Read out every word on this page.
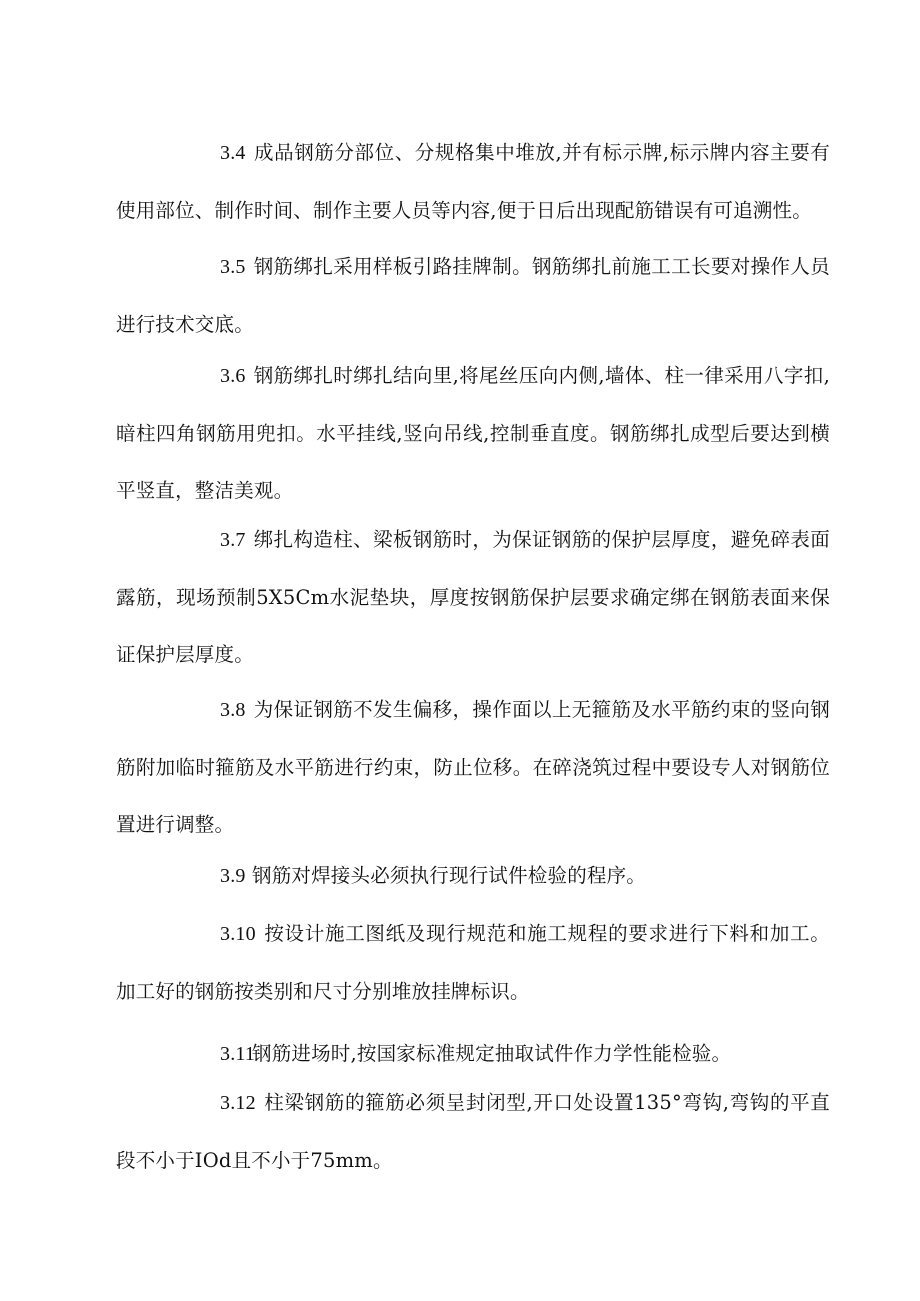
3.4 成品钢筋分部位、分规格集中堆放,并有标示牌,标示牌内容主要有使用部位、制作时间、制作主要人员等内容,便于日后出现配筋错误有可追溯性。

3.5 钢筋绑扎采用样板引路挂牌制。钢筋绑扎前施工工长要对操作人员进行技术交底。

3.6 钢筋绑扎时绑扎结向里,将尾丝压向内侧,墙体、柱一律采用八字扣,暗柱四角钢筋用兜扣。水平挂线,竖向吊线,控制垂直度。钢筋绑扎成型后要达到横平竖直，整洁美观。

3.7 绑扎构造柱、梁板钢筋时，为保证钢筋的保护层厚度，避免碎表面露筋，现场预制5X5Cm水泥垫块，厚度按钢筋保护层要求确定绑在钢筋表面来保证保护层厚度。

3.8 为保证钢筋不发生偏移，操作面以上无箍筋及水平筋约束的竖向钢筋附加临时箍筋及水平筋进行约束，防止位移。在碎浇筑过程中要设专人对钢筋位置进行调整。

3.9 钢筋对焊接头必须执行现行试件检验的程序。

3.10 按设计施工图纸及现行规范和施工规程的要求进行下料和加工。加工好的钢筋按类别和尺寸分别堆放挂牌标识。

3.11钢筋进场时,按国家标准规定抽取试件作力学性能检验。

3.12 柱梁钢筋的箍筋必须呈封闭型,开口处设置135°弯钩,弯钩的平直段不小于IOd且不小于75mm。
